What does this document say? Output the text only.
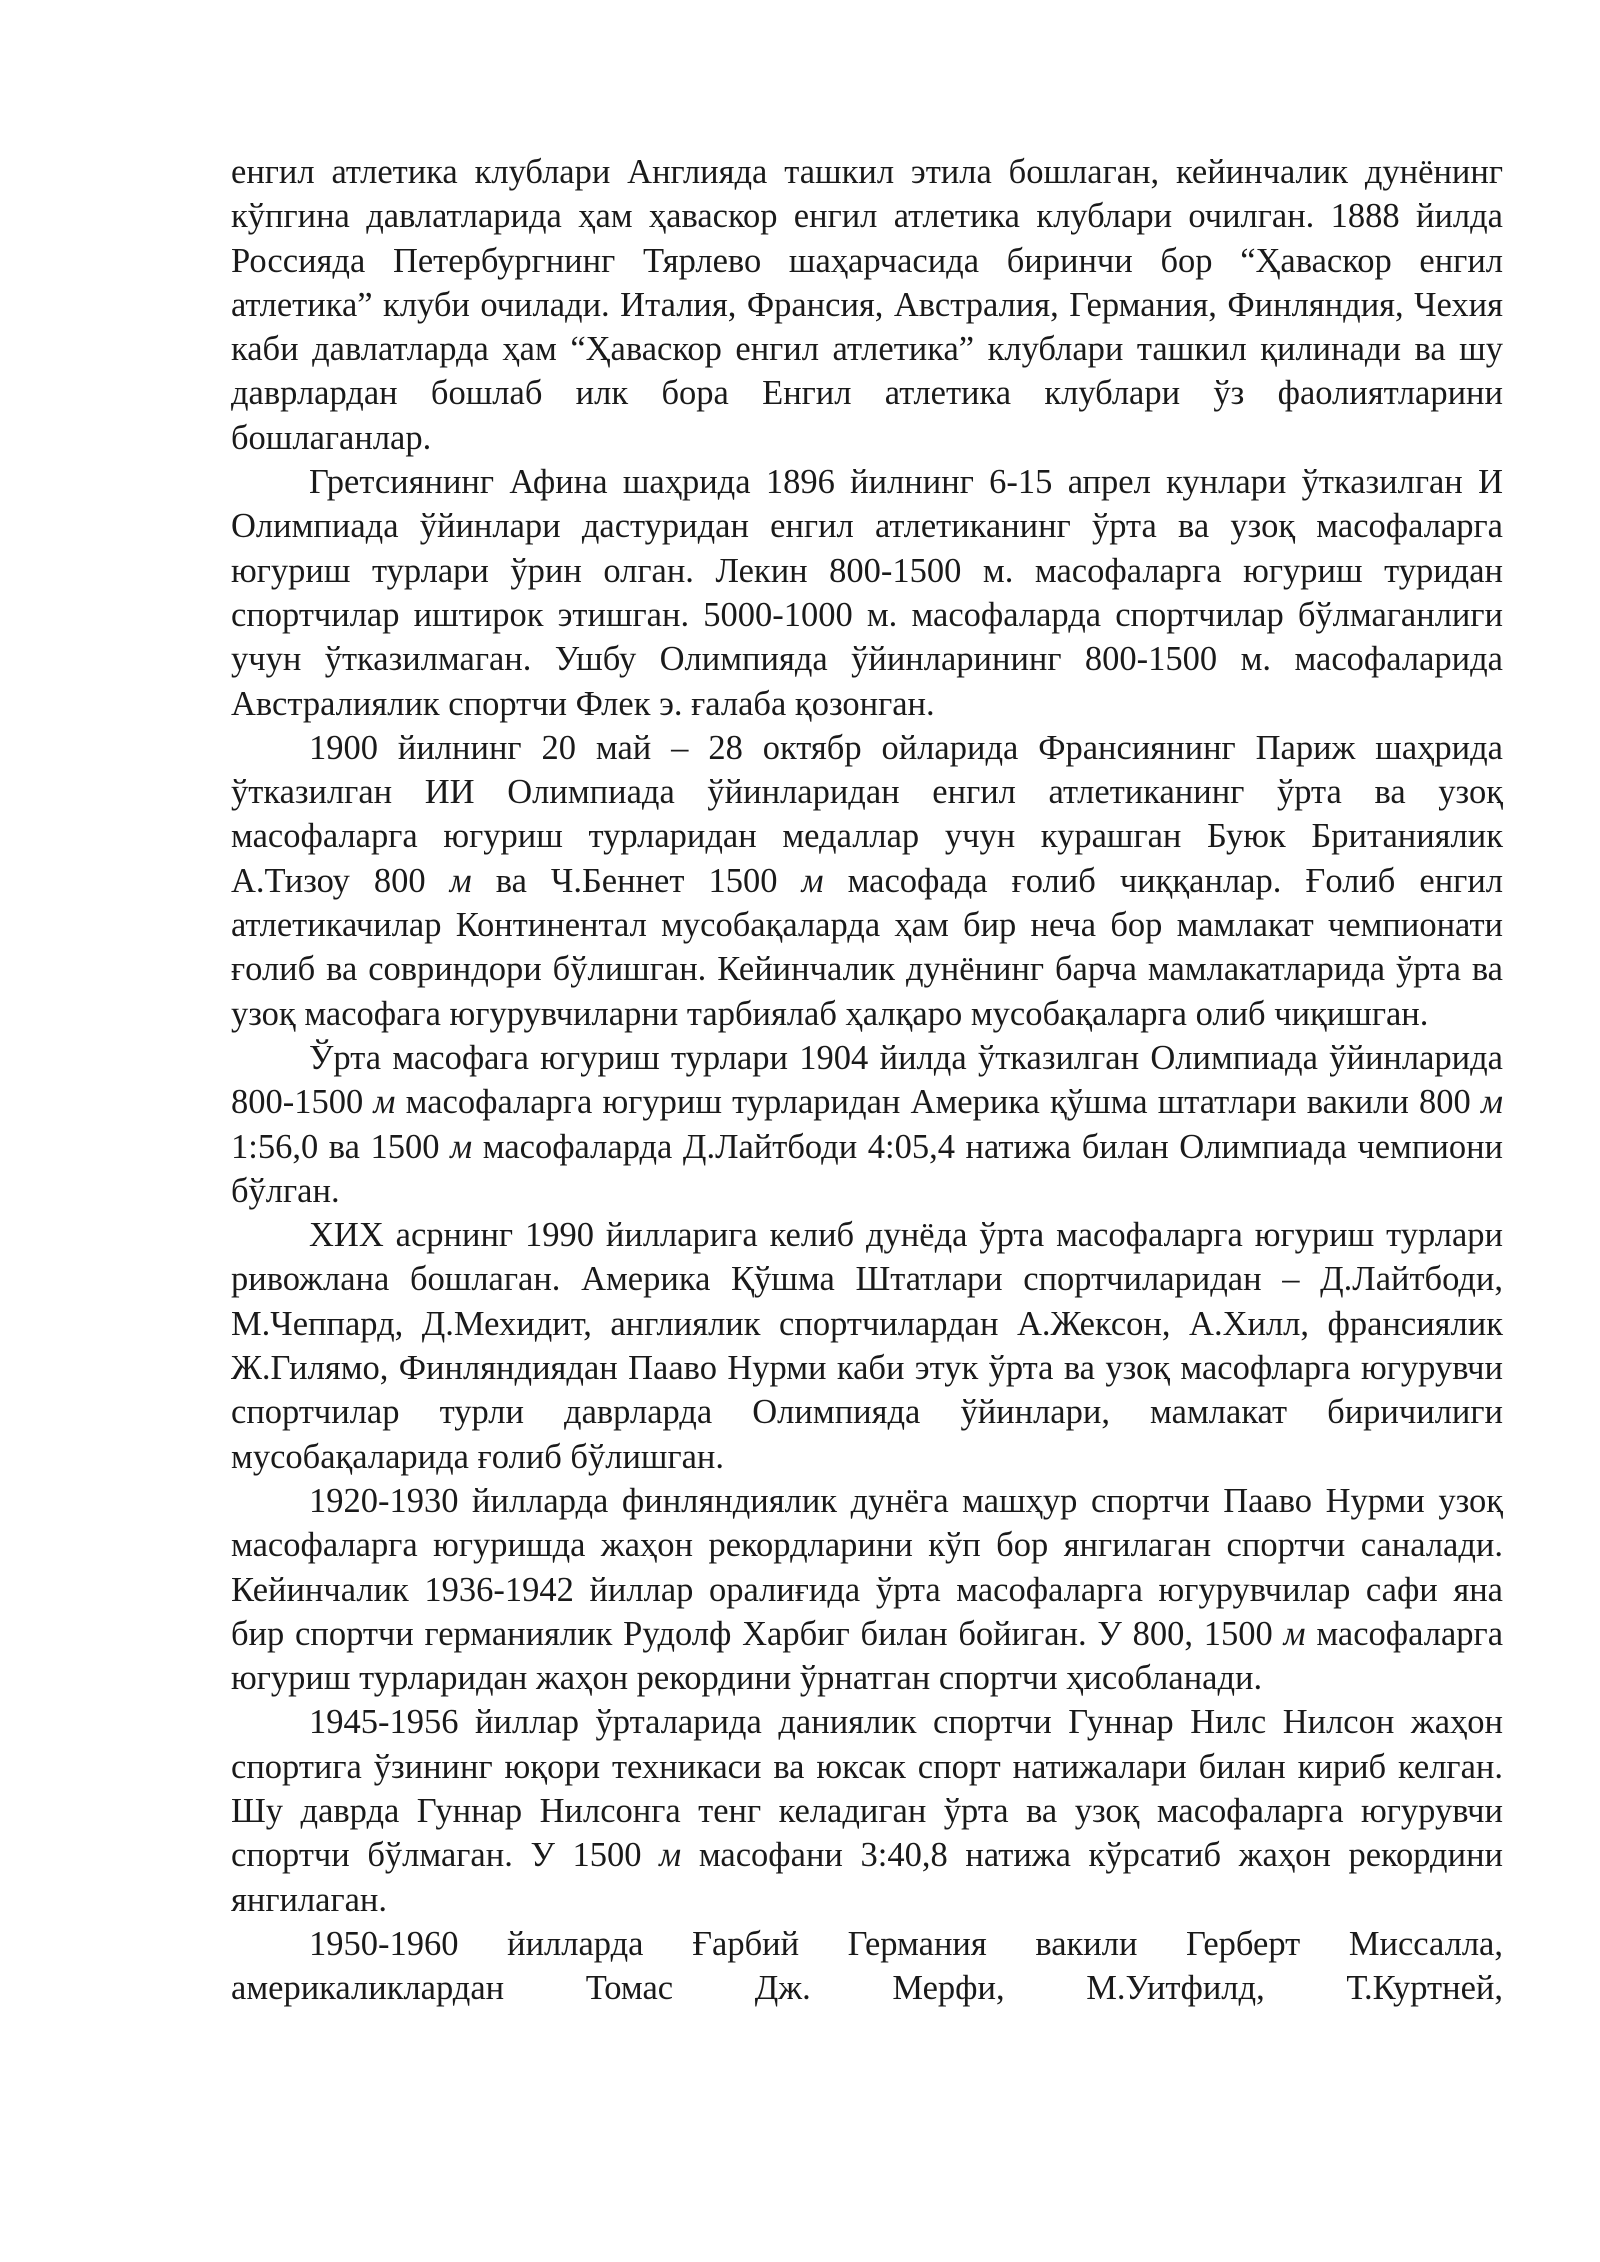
енгил атлетика клублари Англияда ташкил этила бошлаган, кейинчалик дунёнинг кўпгина давлатларида ҳам ҳаваскор енгил атлетика клублари очилган. 1888 йилда Россияда Петербургнинг Тярлево шаҳарчасида биринчи бор “Ҳаваскор енгил атлетика” клуби очилади. Италия, Франсия, Австралия, Германия, Финляндия, Чехия каби давлатларда ҳам “Ҳаваскор енгил атлетика” клублари ташкил қилинади ва шу даврлардан бошлаб илк бора Енгил атлетика клублари ўз фаолиятларини бошлаганлар.

Гретсиянинг Афина шаҳрида 1896 йилнинг 6-15 апрел кунлари ўтказилган И Олимпиада ўйинлари дастуридан енгил атлетиканинг ўрта ва узоқ масофаларга югуриш турлари ўрин олган. Лекин 800-1500 м. масофаларга югуриш туридан спортчилар иштирок этишган. 5000-1000 м. масофаларда спортчилар бўлмаганлиги учун ўтказилмаган. Ушбу Олимпияда ўйинларининг 800-1500 м. масофаларида Австралиялик спортчи Флек э. ғалаба қозонган.

1900 йилнинг 20 май – 28 октябр ойларида Франсиянинг Париж шаҳрида ўтказилган ИИ Олимпиада ўйинларидан енгил атлетиканинг ўрта ва узоқ масофаларга югуриш турларидан медаллар учун курашган Буюк Британиялик А.Тизоу 800 м ва Ч.Беннет 1500 м масофада ғолиб чиққанлар. Ғолиб енгил атлетикачилар Континентал мусобақаларда ҳам бир неча бор мамлакат чемпионати ғолиб ва совриндори бўлишган. Кейинчалик дунёнинг барча мамлакатларида ўрта ва узоқ масофага югурувчиларни тарбиялаб ҳалқаро мусобақаларга олиб чиқишган.

Ўрта масофага югуриш турлари 1904 йилда ўтказилган Олимпиада ўйинларида 800-1500 м масофаларга югуриш турларидан Америка қўшма штатлари вакили 800 м 1:56,0 ва 1500 м масофаларда Д.Лайтбоди 4:05,4 натижа билан Олимпиада чемпиони бўлган.

ХИХ асрнинг 1990 йилларига келиб дунёда ўрта масофаларга югуриш турлари ривожлана бошлаган. Америка Қўшма Штатлари спортчиларидан – Д.Лайтбоди, М.Чеппард, Д.Мехидит, англиялик спортчилардан А.Жексон, А.Хилл, франсиялик Ж.Гилямо, Финляндиядан Пааво Нурми каби этук ўрта ва узоқ масофларга югурувчи спортчилар турли даврларда Олимпияда ўйинлари, мамлакат биричилиги мусобақаларида ғолиб бўлишган.

1920-1930 йилларда финляндиялик дунёга машҳур спортчи Пааво Нурми узоқ масофаларга югуришда жаҳон рекордларини кўп бор янгилаган спортчи саналади. Кейинчалик 1936-1942 йиллар оралиғида ўрта масофаларга югурувчилар сафи яна бир спортчи германиялик Рудолф Харбиг билан бойиган. У 800, 1500 м масофаларга югуриш турларидан жаҳон рекордини ўрнатган спортчи ҳисобланади.

1945-1956 йиллар ўрталарида даниялик спортчи Гуннар Нилс Нилсон жаҳон спортига ўзининг юқори техникаси ва юксак спорт натижалари билан кириб келган. Шу даврда Гуннар Нилсонга тенг келадиган ўрта ва узоқ масофаларга югурувчи спортчи бўлмаган. У 1500 м масофани 3:40,8 натижа кўрсатиб жаҳон рекордини янгилаган.

1950-1960 йилларда Ғарбий Германия вакили Герберт Миссалла, америкаликлардан Томас Дж. Мерфи, М.Уитфилд, Т.Куртней,
